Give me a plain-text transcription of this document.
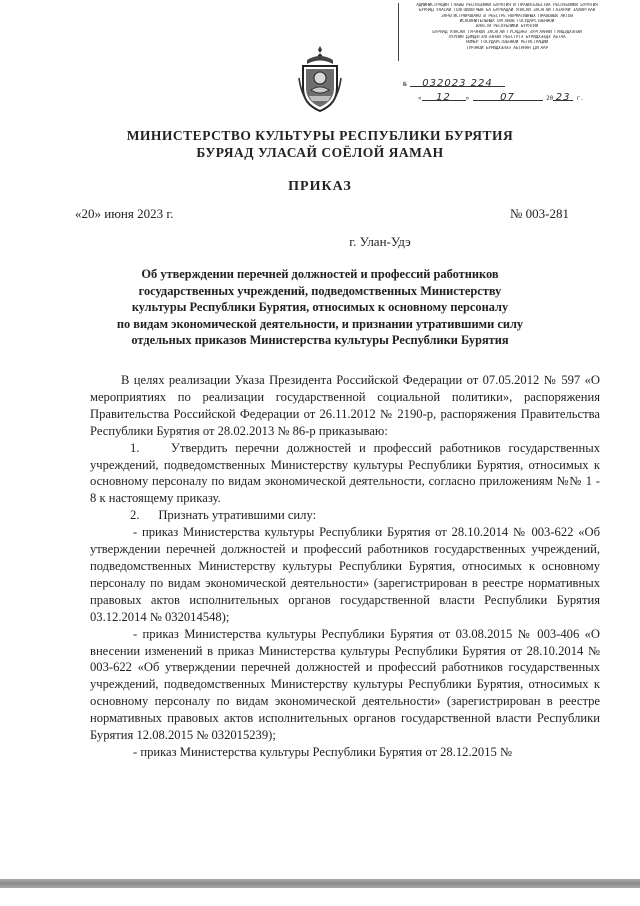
АДМИНИСТРАЦИЯ ГЛАВЫ РЕСПУБЛИКИ БУРЯТИЯ И ПРАВИТЕЛЬСТВА РЕСПУБЛИКИ БУРЯТИЯ
БУРЯАД УЛАСАЙ ТОЛГОЙЛОГЧЫН БА БУРЯАДАЙ УЛАСАЙ ЗАСАГАЙ ГАЗАРАЙ ЗАХИРГААН
ЗАРЕГИСТРИРОВАНО В РЕЕСТРЕ НОРМАТИВНЫХ ПРАВОВЫХ АКТОВ
ИСПОЛНИТЕЛЬНЫХ ОРГАНОВ ГОСУДАРСТВЕННОЙ
ВЛАСТИ РЕСПУБЛИКИ БУРЯТИЯ
БУРЯАД УЛАСАЙ ТУРЭНОЙ ЗАСАГАЙ ГУСАДЭНЭ ЗУРГААНАЙ ГУЙЦЭДХЭЛЭЙ
ХУУЛИН ДЭМДЭГЭЛГЭЭНЭЙ РЕЕСТРТЭ БУРИДХЭЭДЭ АБТАА
НОМЕР ГОСУДАРСТВЕННОЙ РЕГИСТРАЦИИ
ТУРЭНОЙ БУРИДХЭЛЭЭ АБТАНАН ДУГААР
№ 032023 224
« 12 »	07	20 23 г.
МИНИСТЕРСТВО КУЛЬТУРЫ РЕСПУБЛИКИ БУРЯТИЯ
БУРЯАД УЛАСАЙ СОЁЛОЙ ЯАМАН
ПРИКАЗ
«20» июня 2023 г.	№ 003-281
г. Улан-Удэ
Об утверждении перечней должностей и профессий работников
государственных учреждений, подведомственных Министерству
культуры Республики Бурятия, относимых к основному персоналу
по видам экономической деятельности, и признании утратившими силу
отдельных приказов Министерства культуры Республики Бурятия

В целях реализации Указа Президента Российской Федерации от 07.05.2012 № 597 «О мероприятиях по реализации государственной социальной политики», распоряжения Правительства Российской Федерации от 26.11.2012 № 2190-р, распоряжения Правительства Республики Бурятия от 28.02.2013 № 86-р приказываю:

1.    Утвердить перечни должностей и профессий работников государственных учреждений, подведомственных Министерству культуры Республики Бурятия, относимых к основному персоналу по видам экономической деятельности, согласно приложениям №№ 1 - 8 к настоящему приказу.

2.      Признать утратившими силу:

- приказ Министерства культуры Республики Бурятия от 28.10.2014 № 003-622 «Об утверждении перечней должностей и профессий работников государственных учреждений, подведомственных Министерству культуры Республики Бурятия, относимых к основному персоналу по видам экономической деятельности» (зарегистрирован в реестре нормативных правовых актов исполнительных органов государственной власти Республики Бурятия 03.12.2014 № 032014548);

- приказ Министерства культуры Республики Бурятия от 03.08.2015 № 003-406 «О внесении изменений в приказ Министерства культуры Республики Бурятия от 28.10.2014 № 003-622 «Об утверждении перечней должностей и профессий работников государственных учреждений, подведомственных Министерству культуры Республики Бурятия, относимых к основному персоналу по видам экономической деятельности» (зарегистрирован в реестре нормативных правовых актов исполнительных органов государственной власти Республики Бурятия 12.08.2015 № 032015239);

- приказ Министерства культуры Республики Бурятия от 28.12.2015 №
